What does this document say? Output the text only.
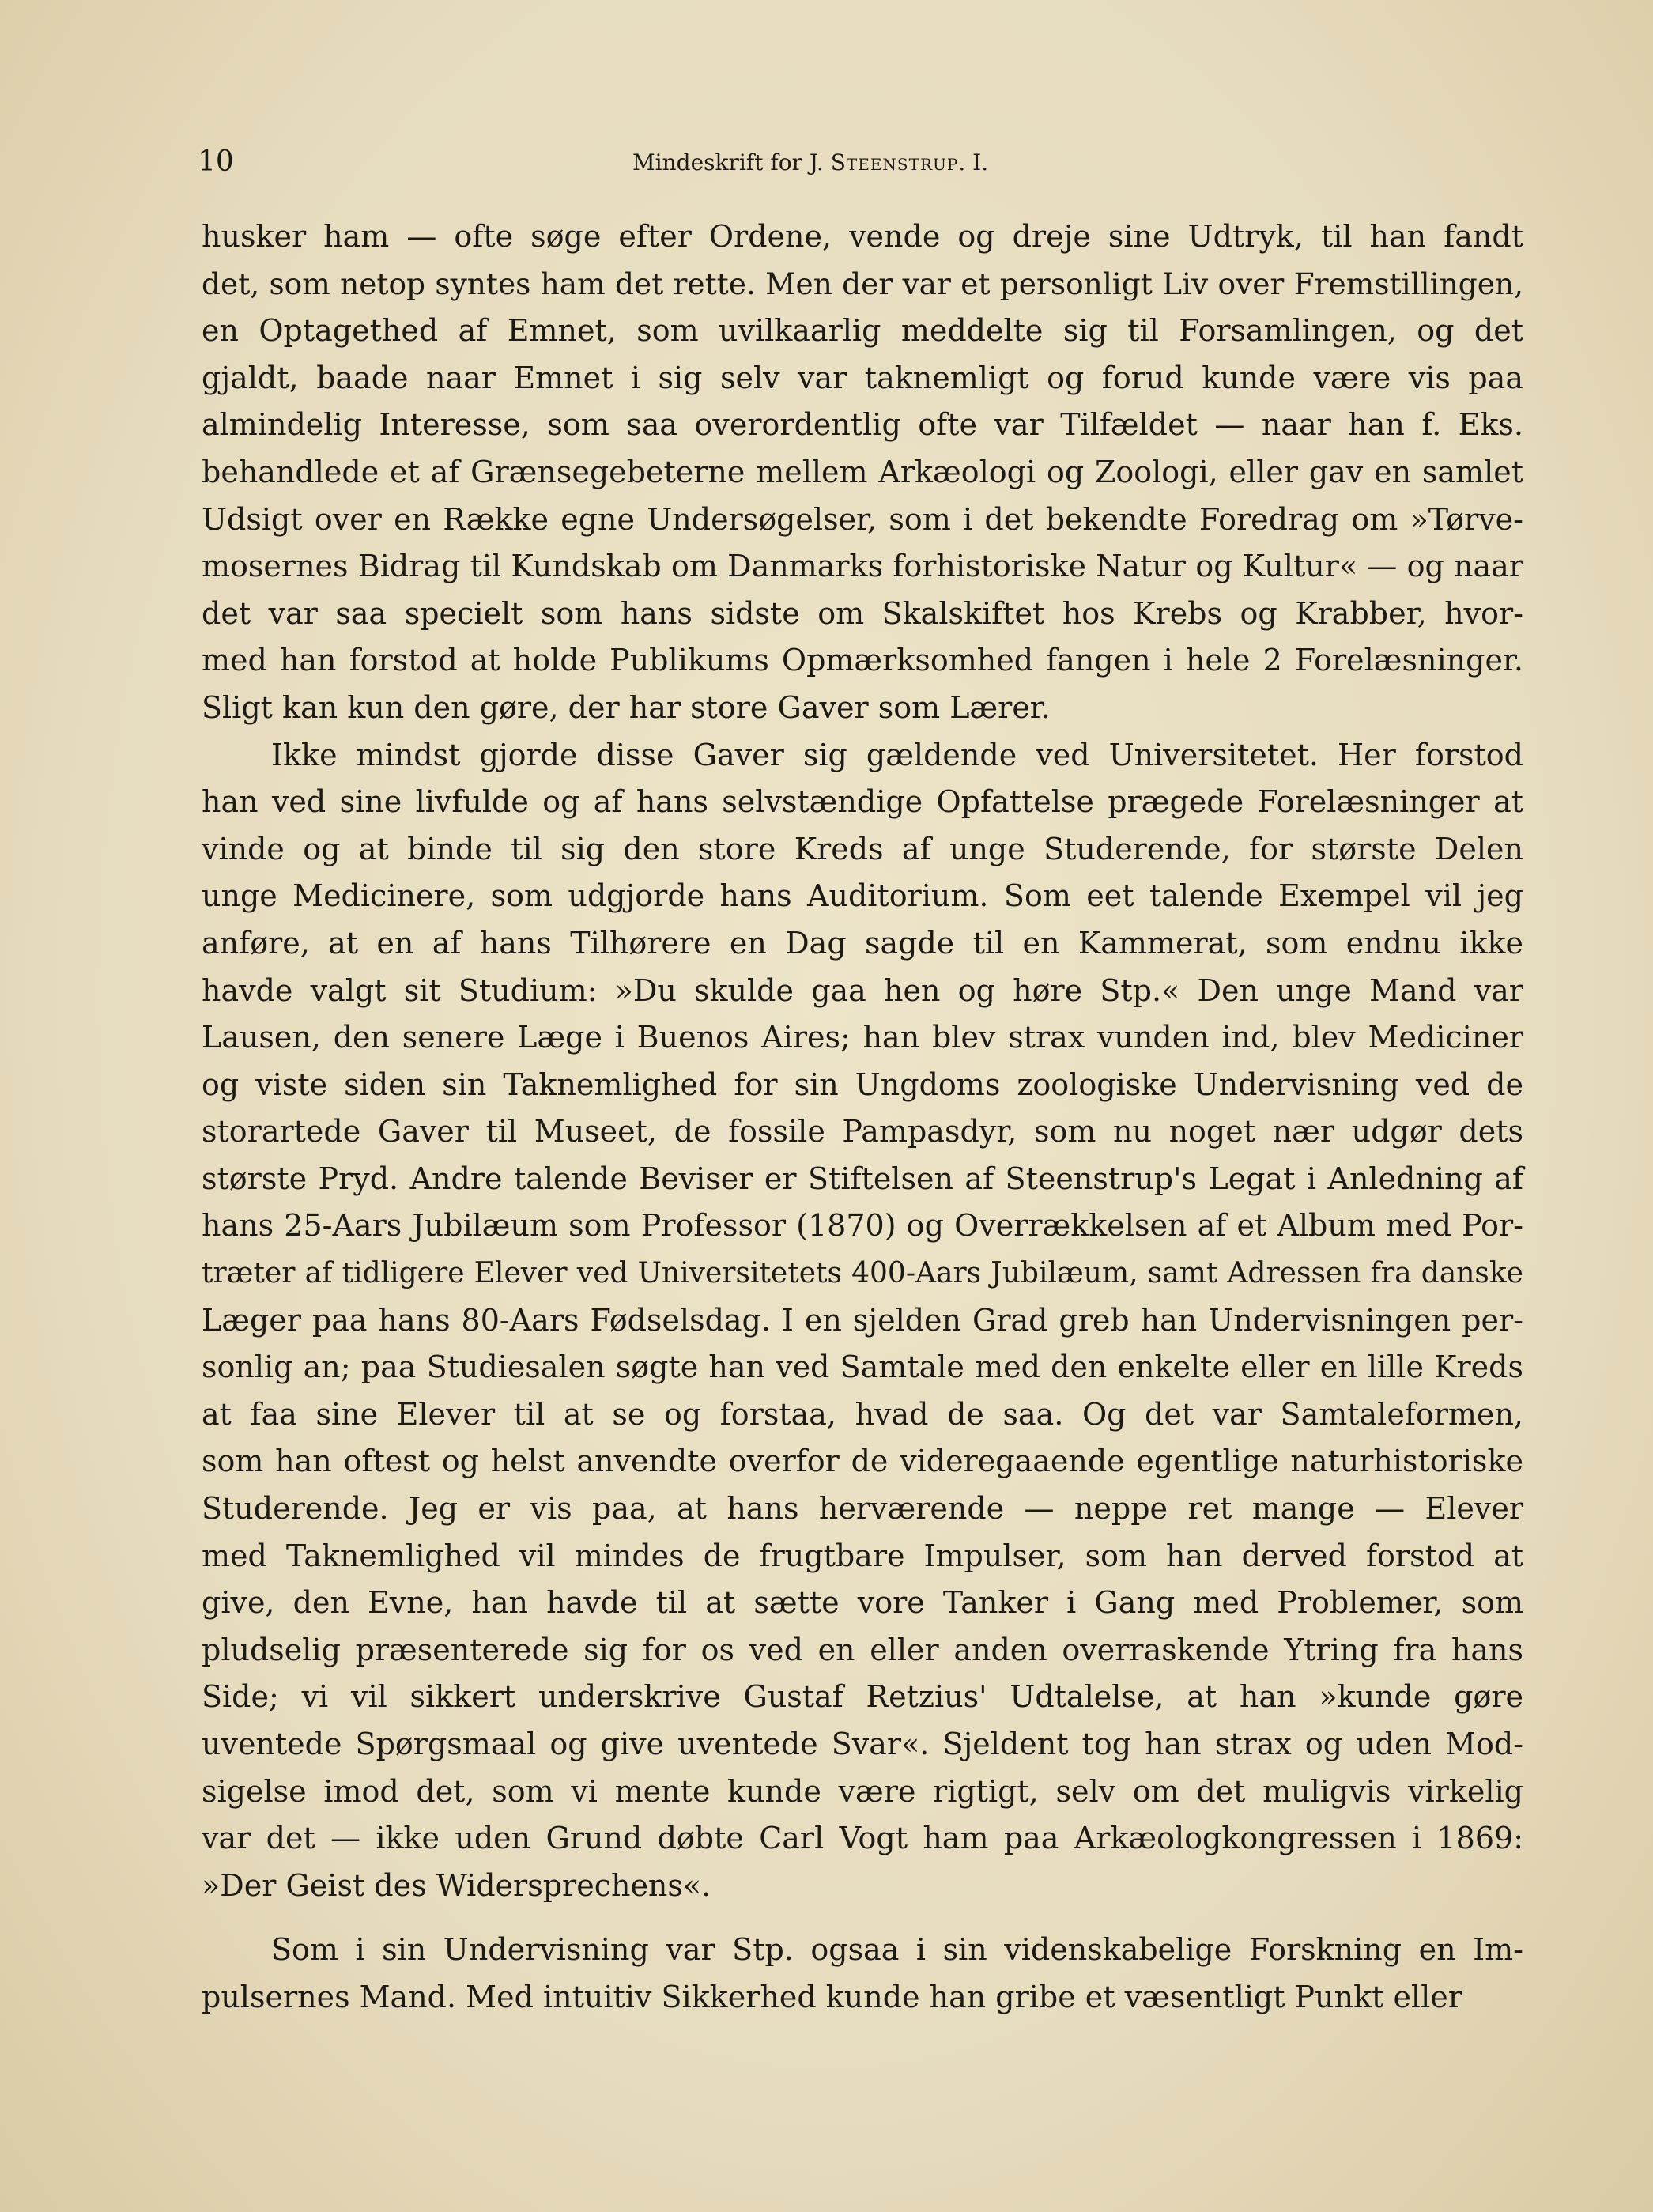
10	Mindeskrift for J. Steenstrup. I.
husker ham — ofte søge efter Ordene, vende og dreje sine Udtryk, til han fandt
det, som netop syntes ham det rette. Men der var et personligt Liv over Fremstillingen,
en Optagethed af Emnet, som uvilkaarlig meddelte sig til Forsamlingen, og det
gjaldt, baade naar Emnet i sig selv var taknemligt og forud kunde være vis paa
almindelig Interesse, som saa overordentlig ofte var Tilfældet — naar han f. Eks.
behandlede et af Grænsegebeterne mellem Arkæologi og Zoologi, eller gav en samlet
Udsigt over en Række egne Undersøgelser, som i det bekendte Foredrag om »Tørve-
mosernes Bidrag til Kundskab om Danmarks forhistoriske Natur og Kultur« — og naar
det var saa specielt som hans sidste om Skalskiftet hos Krebs og Krabber, hvor-
med han forstod at holde Publikums Opmærksomhed fangen i hele 2 Forelæsninger.
Sligt kan kun den gøre, der har store Gaver som Lærer.
Ikke mindst gjorde disse Gaver sig gældende ved Universitetet. Her forstod
han ved sine livfulde og af hans selvstændige Opfattelse prægede Forelæsninger at
vinde og at binde til sig den store Kreds af unge Studerende, for største Delen
unge Medicinere, som udgjorde hans Auditorium. Som eet talende Exempel vil jeg
anføre, at en af hans Tilhørere en Dag sagde til en Kammerat, som endnu ikke
havde valgt sit Studium: »Du skulde gaa hen og høre Stp.« Den unge Mand var
Lausen, den senere Læge i Buenos Aires; han blev strax vunden ind, blev Mediciner
og viste siden sin Taknemlighed for sin Ungdoms zoologiske Undervisning ved de
storartede Gaver til Museet, de fossile Pampasdyr, som nu noget nær udgør dets
største Pryd. Andre talende Beviser er Stiftelsen af Steenstrup's Legat i Anledning af
hans 25-Aars Jubilæum som Professor (1870) og Overrækkelsen af et Album med Por-
træter af tidligere Elever ved Universitetets 400-Aars Jubilæum, samt Adressen fra danske
Læger paa hans 80-Aars Fødselsdag. I en sjelden Grad greb han Undervisningen per-
sonlig an; paa Studiesalen søgte han ved Samtale med den enkelte eller en lille Kreds
at faa sine Elever til at se og forstaa, hvad de saa. Og det var Samtaleformen,
som han oftest og helst anvendte overfor de videregaaende egentlige naturhistoriske
Studerende. Jeg er vis paa, at hans herværende — neppe ret mange — Elever
med Taknemlighed vil mindes de frugtbare Impulser, som han derved forstod at
give, den Evne, han havde til at sætte vore Tanker i Gang med Problemer, som
pludselig præsenterede sig for os ved en eller anden overraskende Ytring fra hans
Side; vi vil sikkert underskrive Gustaf Retzius' Udtalelse, at han »kunde gøre
uventede Spørgsmaal og give uventede Svar«. Sjeldent tog han strax og uden Mod-
sigelse imod det, som vi mente kunde være rigtigt, selv om det muligvis virkelig
var det — ikke uden Grund døbte Carl Vogt ham paa Arkæologkongressen i 1869:
»Der Geist des Widersprechens«.
Som i sin Undervisning var Stp. ogsaa i sin videnskabelige Forskning en Im-
pulsernes Mand. Med intuitiv Sikkerhed kunde han gribe et væsentligt Punkt eller
